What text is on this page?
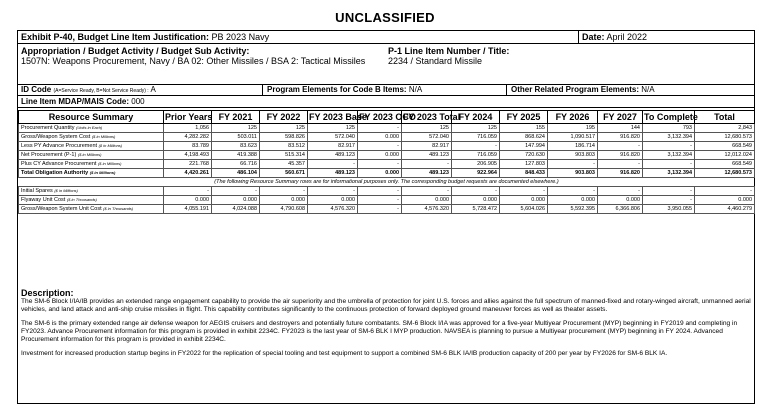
UNCLASSIFIED
Exhibit P-40, Budget Line Item Justification: PB 2023 Navy	Date: April 2022
Appropriation / Budget Activity / Budget Sub Activity:
1507N: Weapons Procurement, Navy / BA 02: Other Missiles / BSA 2: Tactical Missiles
P-1 Line Item Number / Title:
2234 / Standard Missile
ID Code (A=Service Ready, B=Not Service Ready) : A	Program Elements for Code B Items: N/A	Other Related Program Elements: N/A
Line Item MDAP/MAIS Code: 000
Resource Summary	Prior Years	FY 2021	FY 2022	FY 2023 Base	FY 2023 OCO	FY 2023 Total	FY 2024	FY 2025	FY 2026	FY 2027	To Complete	Total
Procurement Quantity (Units in Each)	1,056	125	125	125	-	125	125	155	195	144	793	2,843
Gross/Weapon System Cost ($ in Millions)	4,282.282	503.011	598.826	572.040	0.000	572.040	716.059	868.624	1,090.517	916.820	3,132.394	12,680.573
Less PY Advance Procurement ($ in Millions)	83.789	83.623	83.512	82.917	-	82.917	-	147.994	186.714	-	-	668.549
Net Procurement (P-1) ($ in Millions)	4,198.493	419.388	515.314	489.123	0.000	489.123	716.059	720.630	903.803	916.820	3,132.394	12,012.024
Plus CY Advance Procurement ($ in Millions)	221.768	66.716	45.357	-	-	-	206.905	127.803	-	-	-	668.549
Total Obligation Authority ($ in Millions)	4,420.261	486.104	560.671	489.123	0.000	489.123	922.964	848.433	903.803	916.820	3,132.394	12,680.573
(The following Resource Summary rows are for informational purposes only. The corresponding budget requests are documented elsewhere.)												
Initial Spares ($ in Millions)	-	-	-	-	-	-	-	-	-	-	-	-
Flyaway Unit Cost ($ in Thousands)	0.000	0.000	0.000	0.000	-	0.000	0.000	0.000	0.000	0.000	-	0.000
Gross/Weapon System Unit Cost ($ in Thousands)	4,055.191	4,024.088	4,790.608	4,576.320	-	4,576.320	5,728.472	5,604.026	5,592.395	6,366.806	3,950.055	4,460.279
Description:

The SM-6 Block I/IA/IB provides an extended range engagement capability to provide the air superiority and the umbrella of protection for joint U.S. forces and allies against the full spectrum of manned-fixed and rotary-winged aircraft, unmanned aerial vehicles, and land attack and anti-ship cruise missiles in flight. This capability contributes significantly to the continuous protection of forward deployed ground maneuver forces as well as theater assets.

The SM-6 is the primary extended range air defense weapon for AEGIS cruisers and destroyers and potentially future combatants. SM-6 Block I/IA was approved for a five-year Multiyear Procurement (MYP) beginning in FY2019 and completing in FY2023. Advance Procurement information for this program is provided in exhibit 2234C. FY2023 is the last year of SM-6 BLK I MYP production. NAVSEA is planning to pursue a Multiyear procurement (MYP) beginning in FY 2024. Advanced Procurement information for this program is provided in exhibit 2234C.

Investment for increased production startup begins in FY2022 for the replication of special tooling and test equipment to support a combined SM-6 BLK IA/IB production capacity of 200 per year by FY2026 for SM-6 BLK IA.
